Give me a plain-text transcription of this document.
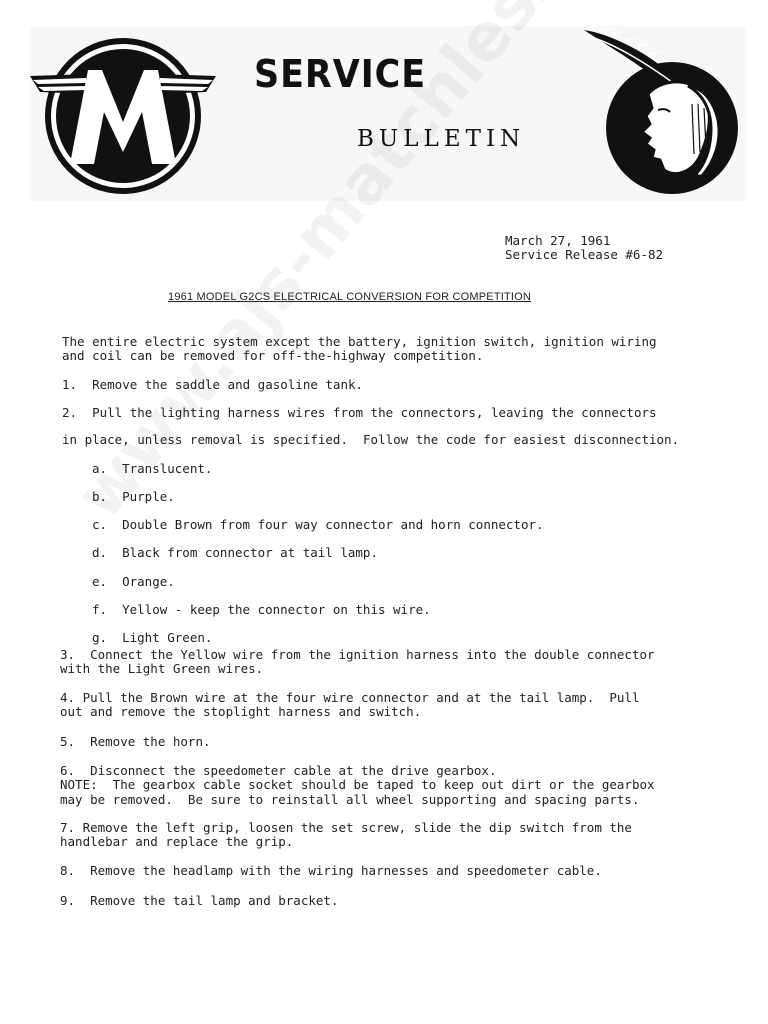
SERVICE
BULLETIN
March 27, 1961
Service Release #6-82
1961 MODEL G2CS ELECTRICAL CONVERSION FOR COMPETITION

The entire electric system except the battery, ignition switch, ignition wiring

and coil can be removed for off-the-highway competition.

1.  Remove the saddle and gasoline tank.

2.  Pull the lighting harness wires from the connectors, leaving the connectors

in place, unless removal is specified.  Follow the code for easiest disconnection.

a.  Translucent.

b.  Purple.

c.  Double Brown from four way connector and horn connector.

d.  Black from connector at tail lamp.

e.  Orange.

f.  Yellow - keep the connector on this wire.

g.  Light Green.

3.  Connect the Yellow wire from the ignition harness into the double connector

with the Light Green wires.

4. Pull the Brown wire at the four wire connector and at the tail lamp.  Pull

out and remove the stoplight harness and switch.

5.  Remove the horn.

6.  Disconnect the speedometer cable at the drive gearbox.

NOTE:  The gearbox cable socket should be taped to keep out dirt or the gearbox

may be removed.  Be sure to reinstall all wheel supporting and spacing parts.

7. Remove the left grip, loosen the set screw, slide the dip switch from the

handlebar and replace the grip.

8.  Remove the headlamp with the wiring harnesses and speedometer cable.

9.  Remove the tail lamp and bracket.
